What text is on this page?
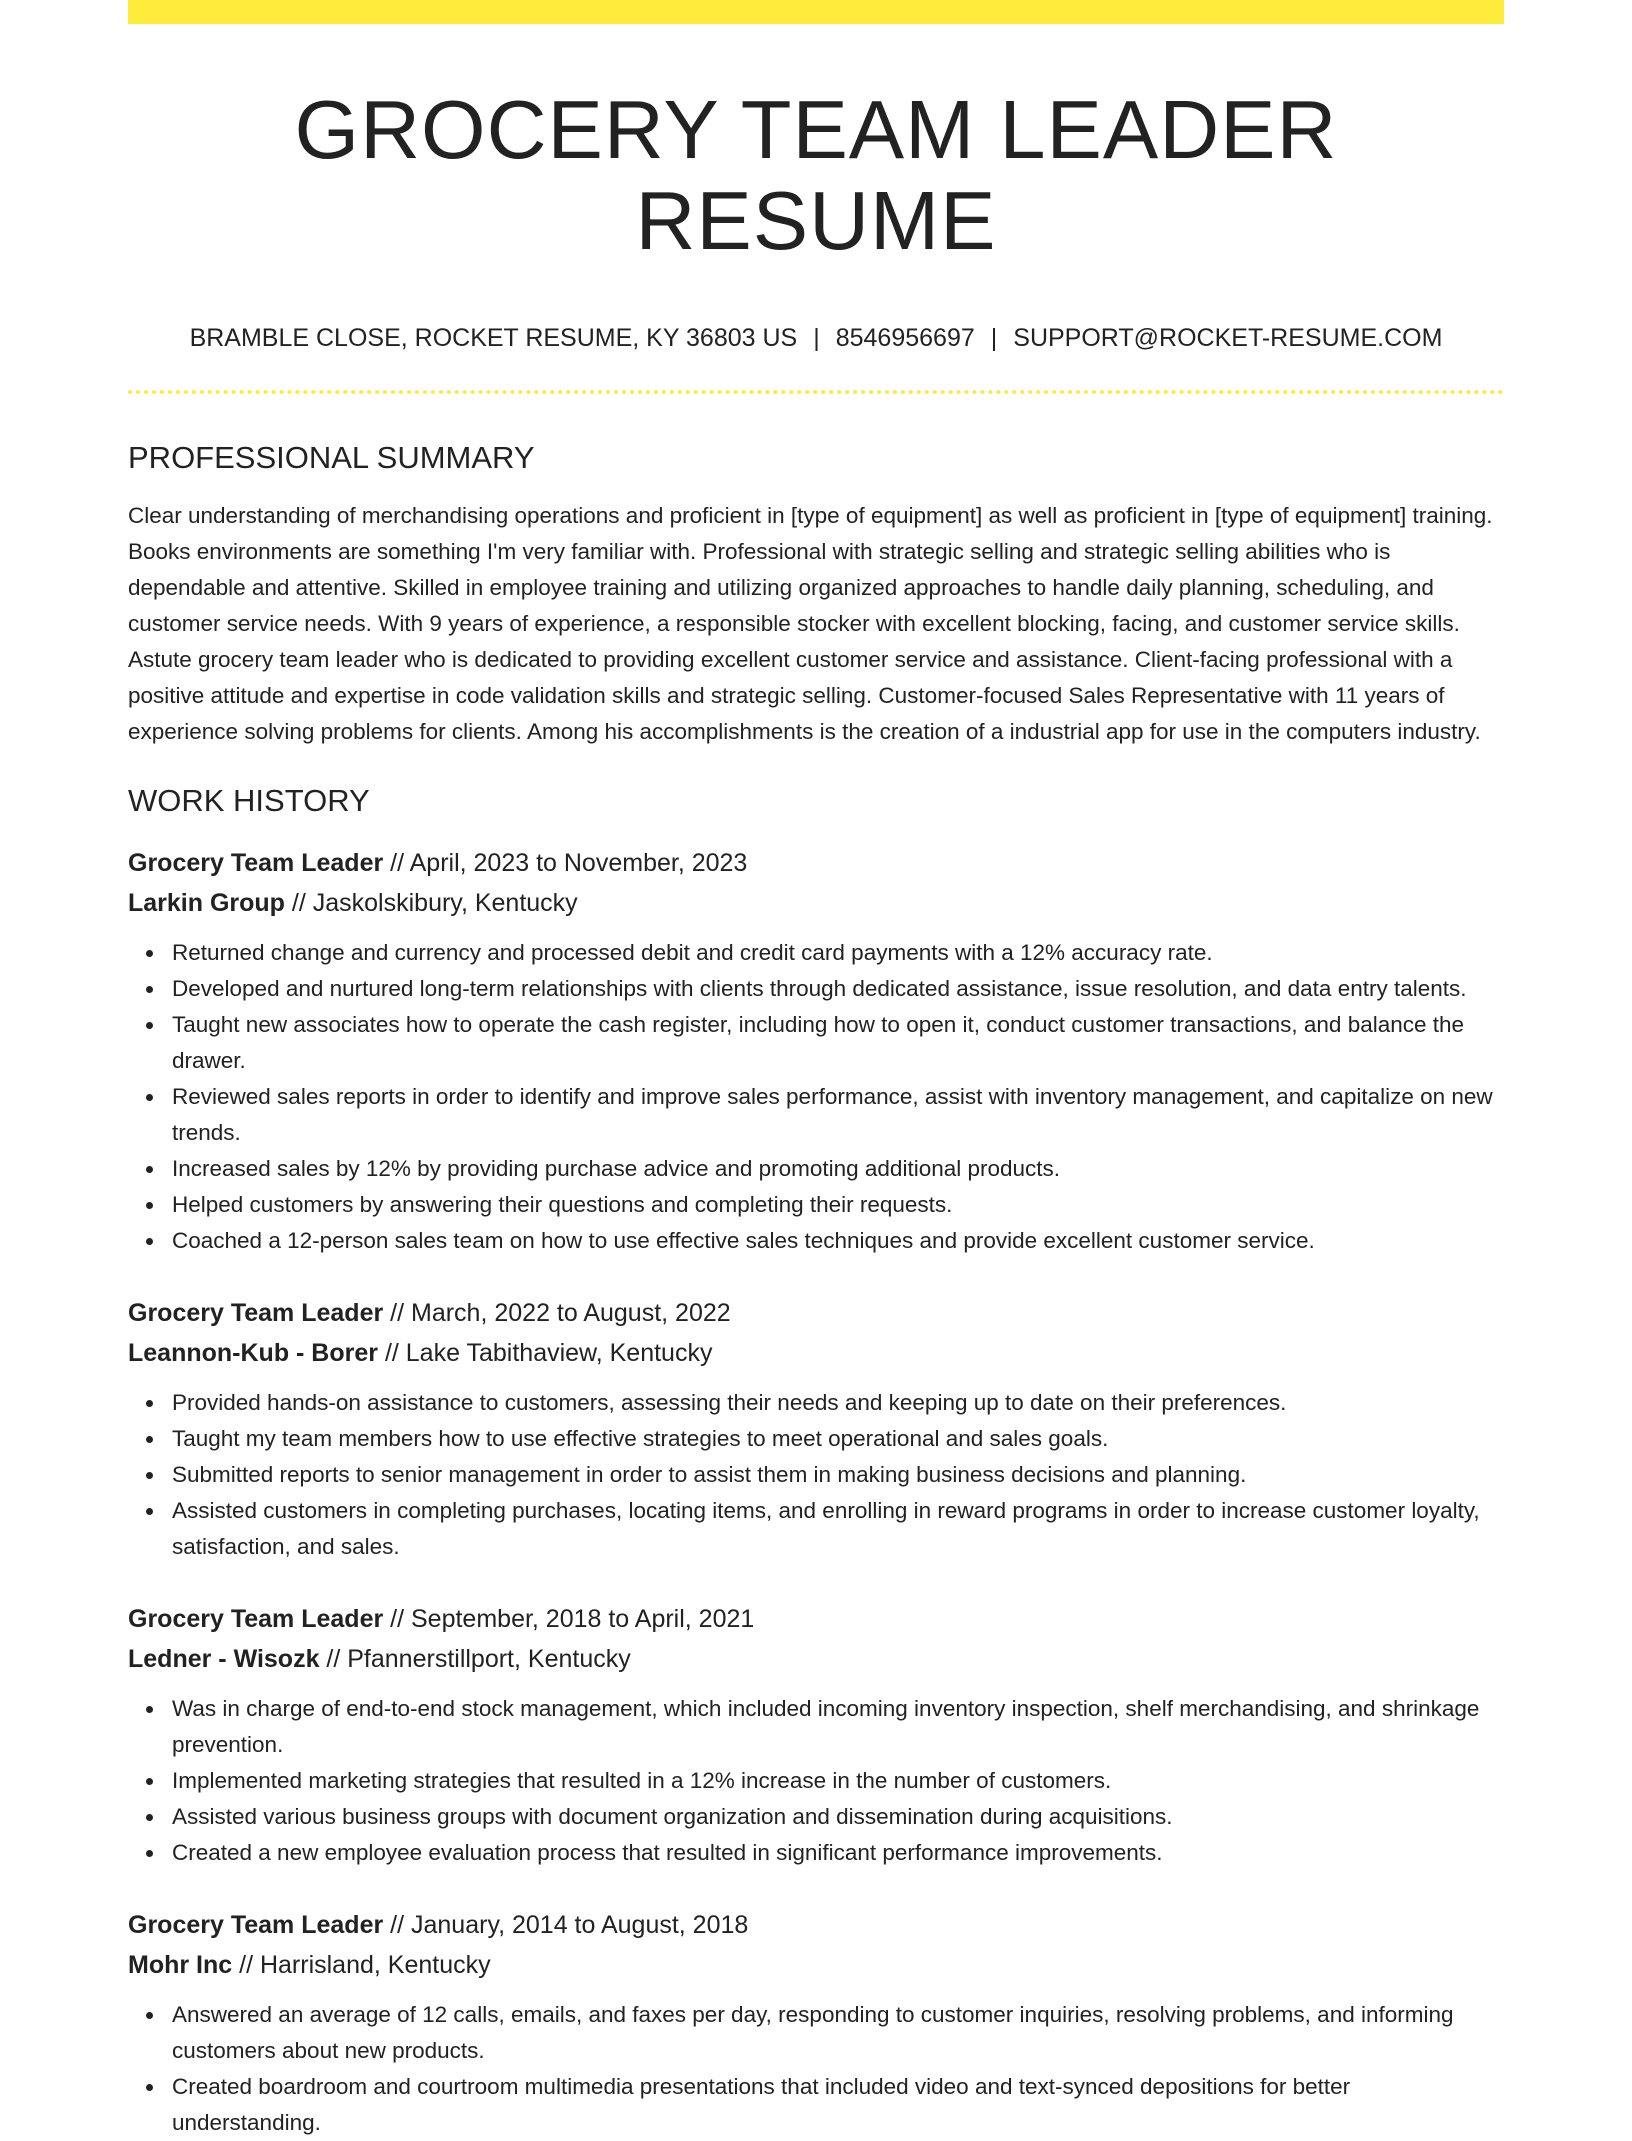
GROCERY TEAM LEADER RESUME
BRAMBLE CLOSE, ROCKET RESUME, KY 36803 US | 8546956697 | SUPPORT@ROCKET-RESUME.COM
PROFESSIONAL SUMMARY

Clear understanding of merchandising operations and proficient in [type of equipment] as well as proficient in [type of equipment] training. Books environments are something I'm very familiar with. Professional with strategic selling and strategic selling abilities who is dependable and attentive. Skilled in employee training and utilizing organized approaches to handle daily planning, scheduling, and customer service needs. With 9 years of experience, a responsible stocker with excellent blocking, facing, and customer service skills. Astute grocery team leader who is dedicated to providing excellent customer service and assistance. Client-facing professional with a positive attitude and expertise in code validation skills and strategic selling. Customer-focused Sales Representative with 11 years of experience solving problems for clients. Among his accomplishments is the creation of a industrial app for use in the computers industry.

WORK HISTORY
Grocery Team Leader // April, 2023 to November, 2023
Larkin Group // Jaskolskibury, Kentucky
Returned change and currency and processed debit and credit card payments with a 12% accuracy rate.
Developed and nurtured long-term relationships with clients through dedicated assistance, issue resolution, and data entry talents.
Taught new associates how to operate the cash register, including how to open it, conduct customer transactions, and balance the drawer.
Reviewed sales reports in order to identify and improve sales performance, assist with inventory management, and capitalize on new trends.
Increased sales by 12% by providing purchase advice and promoting additional products.
Helped customers by answering their questions and completing their requests.
Coached a 12-person sales team on how to use effective sales techniques and provide excellent customer service.
Grocery Team Leader // March, 2022 to August, 2022
Leannon-Kub - Borer // Lake Tabithaview, Kentucky
Provided hands-on assistance to customers, assessing their needs and keeping up to date on their preferences.
Taught my team members how to use effective strategies to meet operational and sales goals.
Submitted reports to senior management in order to assist them in making business decisions and planning.
Assisted customers in completing purchases, locating items, and enrolling in reward programs in order to increase customer loyalty, satisfaction, and sales.
Grocery Team Leader // September, 2018 to April, 2021
Ledner - Wisozk // Pfannerstillport, Kentucky
Was in charge of end-to-end stock management, which included incoming inventory inspection, shelf merchandising, and shrinkage prevention.
Implemented marketing strategies that resulted in a 12% increase in the number of customers.
Assisted various business groups with document organization and dissemination during acquisitions.
Created a new employee evaluation process that resulted in significant performance improvements.
Grocery Team Leader // January, 2014 to August, 2018
Mohr Inc // Harrisland, Kentucky
Answered an average of 12 calls, emails, and faxes per day, responding to customer inquiries, resolving problems, and informing customers about new products.
Created boardroom and courtroom multimedia presentations that included video and text-synced depositions for better understanding.
